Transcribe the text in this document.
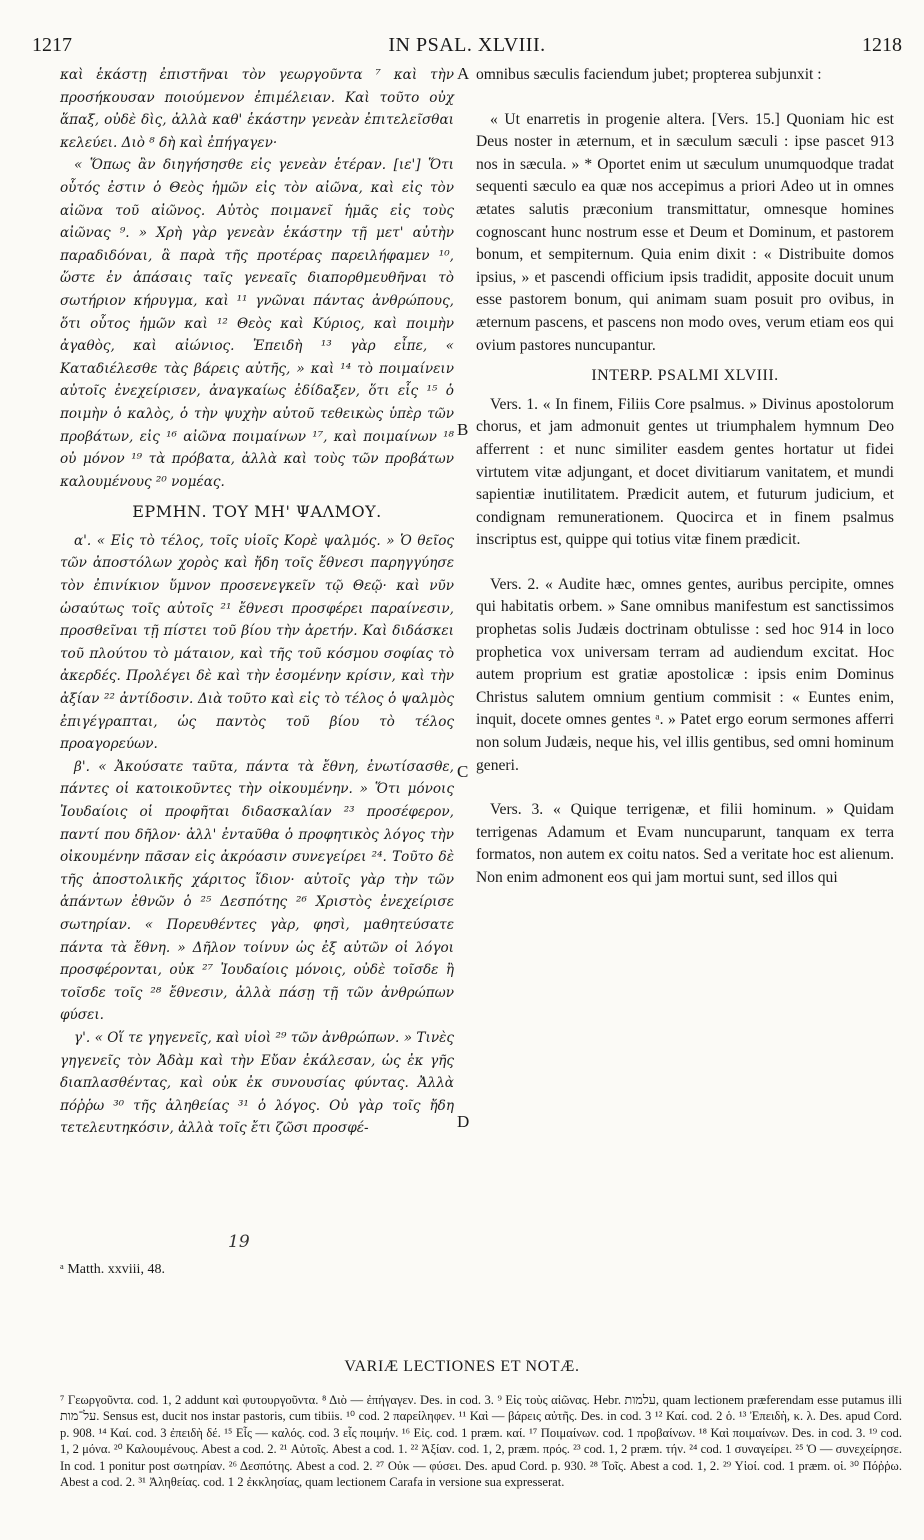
1217	IN PSAL. XLVIII.	1218

καὶ ἑκάστῃ ἐπιστῆναι τὸν γεωργοῦντα ⁷ καὶ τὴν προσήκουσαν ποιούμενον ἐπιμέλειαν. Καὶ τοῦτο οὐχ ἅπαξ, οὐδὲ δὶς, ἀλλὰ καθ' ἑκάστην γενεὰν ἐπιτελεῖσθαι κελεύει. Διὸ ⁸ δὴ καὶ ἐπήγαγεν·

« Ὅπως ἂν διηγήσησθε εἰς γενεὰν ἑτέραν. [ιε'] Ὅτι οὗτός ἐστιν ὁ Θεὸς ἡμῶν εἰς τὸν αἰῶνα, καὶ εἰς τὸν αἰῶνα τοῦ αἰῶνος. Αὐτὸς ποιμανεῖ ἡμᾶς εἰς τοὺς αἰῶνας ⁹. » Χρὴ γὰρ γενεὰν ἑκάστην τῇ μετ' αὐτὴν παραδιδόναι, ἃ παρὰ τῆς προτέρας παρειλήφαμεν ¹⁰, ὥστε ἐν ἁπάσαις ταῖς γενεαῖς διαπορθμευθῆναι τὸ σωτήριον κήρυγμα, καὶ ¹¹ γνῶναι πάντας ἀνθρώπους, ὅτι οὗτος ἡμῶν καὶ ¹² Θεὸς καὶ Κύριος, καὶ ποιμὴν ἀγαθὸς, καὶ αἰώνιος. Ἐπειδὴ ¹³ γὰρ εἶπε, « Καταδιέλεσθε τὰς βάρεις αὐτῆς, » καὶ ¹⁴ τὸ ποιμαίνειν αὐτοῖς ἐνεχείρισεν, ἀναγκαίως ἐδίδαξεν, ὅτι εἷς ¹⁵ ὁ ποιμὴν ὁ καλὸς, ὁ τὴν ψυχὴν αὐτοῦ τεθεικὼς ὑπὲρ τῶν προβάτων, εἰς ¹⁶ αἰῶνα ποιμαίνων ¹⁷, καὶ ποιμαίνων ¹⁸ οὐ μόνον ¹⁹ τὰ πρόβατα, ἀλλὰ καὶ τοὺς τῶν προβάτων καλουμένους ²⁰ νομέας.

ΕΡΜΗΝ. ΤΟΥ ΜΗ' ΨΑΛΜΟΥ.

α'. « Εἰς τὸ τέλος, τοῖς υἱοῖς Κορὲ ψαλμός. » Ὁ θεῖος τῶν ἀποστόλων χορὸς καὶ ἤδη τοῖς ἔθνεσι παρηγγύησε τὸν ἐπινίκιον ὕμνον προσενεγκεῖν τῷ Θεῷ· καὶ νῦν ὡσαύτως τοῖς αὐτοῖς ²¹ ἔθνεσι προσφέρει παραίνεσιν, προσθεῖναι τῇ πίστει τοῦ βίου τὴν ἀρετήν. Καὶ διδάσκει τοῦ πλούτου τὸ μάταιον, καὶ τῆς τοῦ κόσμου σοφίας τὸ ἀκερδές. Προλέγει δὲ καὶ τὴν ἐσομένην κρίσιν, καὶ τὴν ἀξίαν ²² ἀντίδοσιν. Διὰ τοῦτο καὶ εἰς τὸ τέλος ὁ ψαλμὸς ἐπιγέγραπται, ὡς παντὸς τοῦ βίου τὸ τέλος προαγορεύων.

β'. « Ἀκούσατε ταῦτα, πάντα τὰ ἔθνη, ἐνωτίσασθε, πάντες οἱ κατοικοῦντες τὴν οἰκουμένην. » Ὅτι μόνοις Ἰουδαίοις οἱ προφῆται διδασκαλίαν ²³ προσέφερον, παντί που δῆλον· ἀλλ' ἐνταῦθα ὁ προφητικὸς λόγος τὴν οἰκουμένην πᾶσαν εἰς ἀκρόασιν συνεγείρει ²⁴. Τοῦτο δὲ τῆς ἀποστολικῆς χάριτος ἴδιον· αὐτοῖς γὰρ τὴν τῶν ἁπάντων ἐθνῶν ὁ ²⁵ Δεσπότης ²⁶ Χριστὸς ἐνεχείρισε σωτηρίαν. « Πορευθέντες γὰρ, φησὶ, μαθητεύσατε πάντα τὰ ἔθνη. » Δῆλον τοίνυν ὡς ἐξ αὐτῶν οἱ λόγοι προσφέρονται, οὐκ ²⁷ Ἰουδαίοις μόνοις, οὐδὲ τοῖσδε ἢ τοῖσδε τοῖς ²⁸ ἔθνεσιν, ἀλλὰ πάσῃ τῇ τῶν ἀνθρώπων φύσει.

γ'. « Οἵ τε γηγενεῖς, καὶ υἱοὶ ²⁹ τῶν ἀνθρώπων. » Τινὲς γηγενεῖς τὸν Ἀδὰμ καὶ τὴν Εὔαν ἐκάλεσαν, ὡς ἐκ γῆς διαπλασθέντας, καὶ οὐκ ἐκ συνουσίας φύντας. Ἀλλὰ πόῤῥω ³⁰ τῆς ἀληθείας ³¹ ὁ λόγος. Οὐ γὰρ τοῖς ἤδη τετελευτηκόσιν, ἀλλὰ τοῖς ἔτι ζῶσι προσφέ-

A
B
C
D

omnibus sæculis faciendum jubet; propterea subjunxit :

« Ut enarretis in progenie altera. [Vers. 15.] Quoniam hic est Deus noster in æternum, et in sæculum sæculi : ipse pascet 913 nos in sæcula. » * Oportet enim ut sæculum unumquodque tradat sequenti sæculo ea quæ nos accepimus a priori Adeo ut in omnes ætates salutis præconium transmittatur, omnesque homines cognoscant hunc nostrum esse et Deum et Dominum, et pastorem bonum, et sempiternum. Quia enim dixit : « Distribuite domos ipsius, » et pascendi officium ipsis tradidit, apposite docuit unum esse pastorem bonum, qui animam suam posuit pro ovibus, in æternum pascens, et pascens non modo oves, verum etiam eos qui ovium pastores nuncupantur.

INTERP. PSALMI XLVIII.

Vers. 1. « In finem, Filiis Core psalmus. » Divinus apostolorum chorus, et jam admonuit gentes ut triumphalem hymnum Deo afferrent : et nunc similiter easdem gentes hortatur ut fidei virtutem vitæ adjungant, et docet divitiarum vanitatem, et mundi sapientiæ inutilitatem. Prædicit autem, et futurum judicium, et condignam remunerationem. Quocirca et in finem psalmus inscriptus est, quippe qui totius vitæ finem prædicit.

Vers. 2. « Audite hæc, omnes gentes, auribus percipite, omnes qui habitatis orbem. » Sane omnibus manifestum est sanctissimos prophetas solis Judæis doctrinam obtulisse : sed hoc 914 in loco prophetica vox universam terram ad audiendum excitat. Hoc autem proprium est gratiæ apostolicæ : ipsis enim Dominus Christus salutem omnium gentium commisit : « Euntes enim, inquit, docete omnes gentes ᵃ. » Patet ergo eorum sermones afferri non solum Judæis, neque his, vel illis gentibus, sed omni hominum generi.

Vers. 3. « Quique terrigenæ, et filii hominum. » Quidam terrigenas Adamum et Evam nuncuparunt, tanquam ex terra formatos, non autem ex coitu natos. Sed a veritate hoc est alienum. Non enim admonent eos qui jam mortui sunt, sed illos qui

19
ᵃ Matth. xxviii, 48.
VARIÆ LECTIONES ET NOTÆ.
⁷ Γεωργοῦντα. cod. 1, 2 addunt καὶ φυτουργοῦντα. ⁸ Διὸ — ἐπήγαγεν. Des. in cod. 3. ⁹ Εἰς τοὺς αἰῶνας. Hebr. עלמות, quam lectionem præferendam esse putamus illi על־מות. Sensus est, ducit nos instar pastoris, cum tibiis. ¹⁰ cod. 2 παρείληφεν. ¹¹ Καὶ — βάρεις αὐτῆς. Des. in cod. 3 ¹² Καί. cod. 2 ὁ. ¹³ Ἐπειδὴ, κ. λ. Des. apud Cord. p. 908. ¹⁴ Καί. cod. 3 ἐπειδὴ δέ. ¹⁵ Εἷς — καλός. cod. 3 εἷς ποιμήν. ¹⁶ Εἰς. cod. 1 præm. καί. ¹⁷ Ποιμαίνων. cod. 1 προβαίνων. ¹⁸ Καὶ ποιμαίνων. Des. in cod. 3. ¹⁹ cod. 1, 2 μόνα. ²⁰ Καλουμένους. Abest a cod. 2. ²¹ Αὐτοῖς. Abest a cod. 1. ²² Ἀξίαν. cod. 1, 2, præm. πρός. ²³ cod. 1, 2 præm. τήν. ²⁴ cod. 1 συναγείρει. ²⁵ Ὁ — συνεχείρησε. In cod. 1 ponitur post σωτηρίαν. ²⁶ Δεσπότης. Abest a cod. 2. ²⁷ Οὐκ — φύσει. Des. apud Cord. p. 930. ²⁸ Τοῖς. Abest a cod. 1, 2. ²⁹ Υἱοί. cod. 1 præm. οἱ. ³⁰ Πόῤῥω. Abest a cod. 2. ³¹ Ἀληθείας. cod. 1 2 ἐκκλησίας, quam lectionem Carafa in versione sua expresserat.
